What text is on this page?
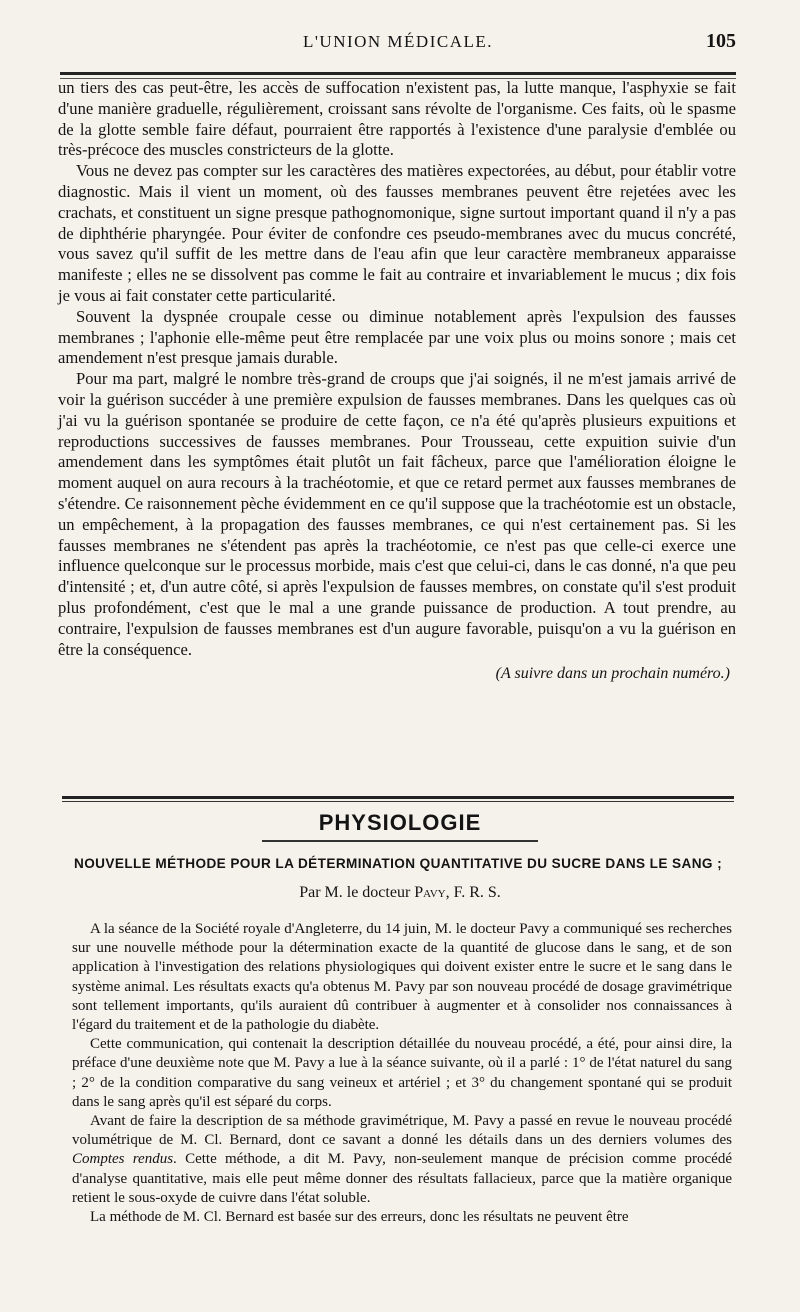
L'UNION MÉDICALE.	105

un tiers des cas peut-être, les accès de suffocation n'existent pas, la lutte manque, l'asphyxie se fait d'une manière graduelle, régulièrement, croissant sans révolte de l'organisme. Ces faits, où le spasme de la glotte semble faire défaut, pourraient être rapportés à l'existence d'une paralysie d'emblée ou très-précoce des muscles constricteurs de la glotte.

Vous ne devez pas compter sur les caractères des matières expectorées, au début, pour établir votre diagnostic. Mais il vient un moment, où des fausses membranes peuvent être rejetées avec les crachats, et constituent un signe presque pathognomonique, signe surtout important quand il n'y a pas de diphthérie pharyngée. Pour éviter de confondre ces pseudo-membranes avec du mucus concrété, vous savez qu'il suffit de les mettre dans de l'eau afin que leur caractère membraneux apparaisse manifeste ; elles ne se dissolvent pas comme le fait au contraire et invariablement le mucus ; dix fois je vous ai fait constater cette particularité.

Souvent la dyspnée croupale cesse ou diminue notablement après l'expulsion des fausses membranes ; l'aphonie elle-même peut être remplacée par une voix plus ou moins sonore ; mais cet amendement n'est presque jamais durable.

Pour ma part, malgré le nombre très-grand de croups que j'ai soignés, il ne m'est jamais arrivé de voir la guérison succéder à une première expulsion de fausses membranes. Dans les quelques cas où j'ai vu la guérison spontanée se produire de cette façon, ce n'a été qu'après plusieurs expuitions et reproductions successives de fausses membranes. Pour Trousseau, cette expuition suivie d'un amendement dans les symptômes était plutôt un fait fâcheux, parce que l'amélioration éloigne le moment auquel on aura recours à la trachéotomie, et que ce retard permet aux fausses membranes de s'étendre. Ce raisonnement pèche évidemment en ce qu'il suppose que la trachéotomie est un obstacle, un empêchement, à la propagation des fausses membranes, ce qui n'est certainement pas. Si les fausses membranes ne s'étendent pas après la trachéotomie, ce n'est pas que celle-ci exerce une influence quelconque sur le processus morbide, mais c'est que celui-ci, dans le cas donné, n'a que peu d'intensité ; et, d'un autre côté, si après l'expulsion de fausses membres, on constate qu'il s'est produit plus profondément, c'est que le mal a une grande puissance de production. A tout prendre, au contraire, l'expulsion de fausses membranes est d'un augure favorable, puisqu'on a vu la guérison en être la conséquence.

(A suivre dans un prochain numéro.)
PHYSIOLOGIE
NOUVELLE MÉTHODE POUR LA DÉTERMINATION QUANTITATIVE DU SUCRE DANS LE SANG ;
Par M. le docteur Pavy, F. R. S.

A la séance de la Société royale d'Angleterre, du 14 juin, M. le docteur Pavy a communiqué ses recherches sur une nouvelle méthode pour la détermination exacte de la quantité de glucose dans le sang, et de son application à l'investigation des relations physiologiques qui doivent exister entre le sucre et le sang dans le système animal. Les résultats exacts qu'a obtenus M. Pavy par son nouveau procédé de dosage gravimétrique sont tellement importants, qu'ils auraient dû contribuer à augmenter et à consolider nos connaissances à l'égard du traitement et de la pathologie du diabète.

Cette communication, qui contenait la description détaillée du nouveau procédé, a été, pour ainsi dire, la préface d'une deuxième note que M. Pavy a lue à la séance suivante, où il a parlé : 1° de l'état naturel du sang ; 2° de la condition comparative du sang veineux et artériel ; et 3° du changement spontané qui se produit dans le sang après qu'il est séparé du corps.

Avant de faire la description de sa méthode gravimétrique, M. Pavy a passé en revue le nouveau procédé volumétrique de M. Cl. Bernard, dont ce savant a donné les détails dans un des derniers volumes des Comptes rendus. Cette méthode, a dit M. Pavy, non-seulement manque de précision comme procédé d'analyse quantitative, mais elle peut même donner des résultats fallacieux, parce que la matière organique retient le sous-oxyde de cuivre dans l'état soluble.

La méthode de M. Cl. Bernard est basée sur des erreurs, donc les résultats ne peuvent être
